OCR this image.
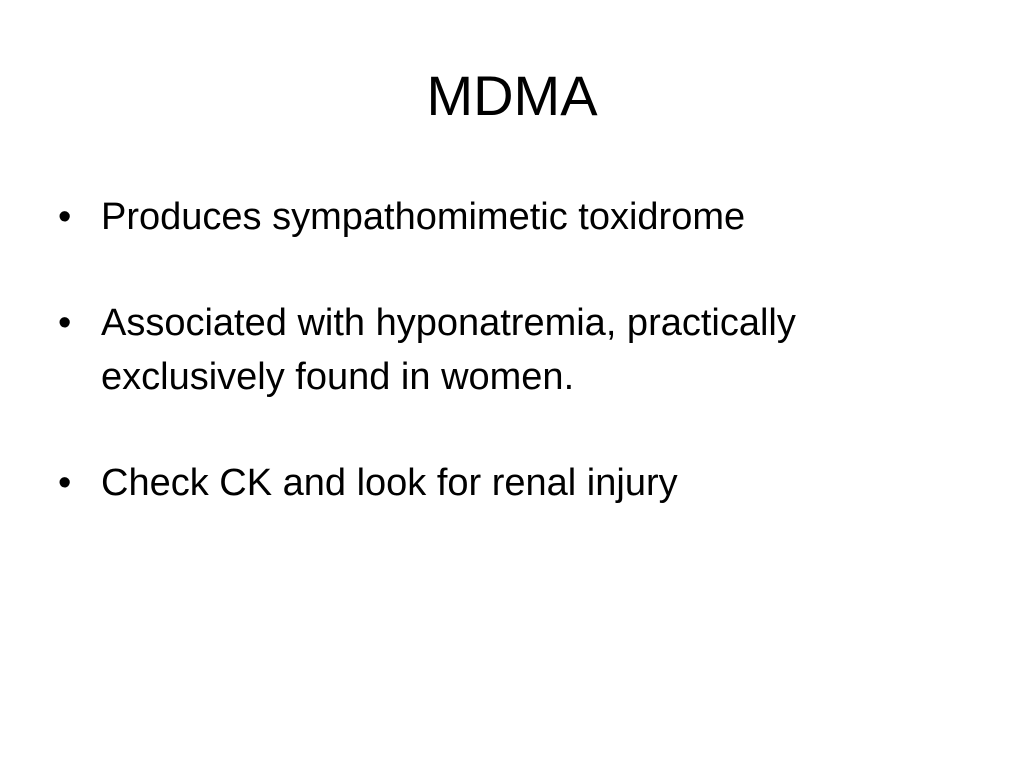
MDMA
• Produces sympathomimetic toxidrome
• Associated with hyponatremia, practically exclusively found in women.
• Check CK and look for renal injury
